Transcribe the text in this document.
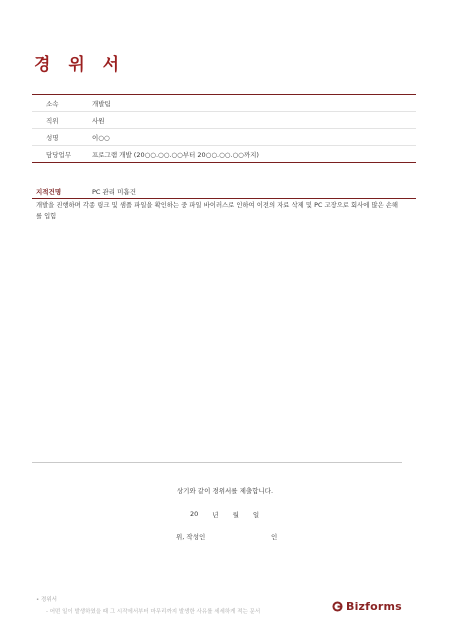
경 위 서
소속	개발팀
직위	사원
성명	이○○
담당업무	프로그램 개발 (20○○.○○.○○부터 20○○.○○.○○까지)
지적건명	PC 관리 미흡건
개발을 진행하며 각종 링크 및 샘플 파일을 확인하는 중 파일 바이러스로 인하여 이전의 자료 삭제 및 PC 고장으로 회사에 많은 손해를 입힘
상기와 같이 경위서를 제출합니다.
20 년 월 일
위, 작성인	인
• 경위서
- 어떤 일이 발생하였을 때 그 시작에서부터 마무리까지 발생한 사유를 세세하게 적는 문서	Bizforms
